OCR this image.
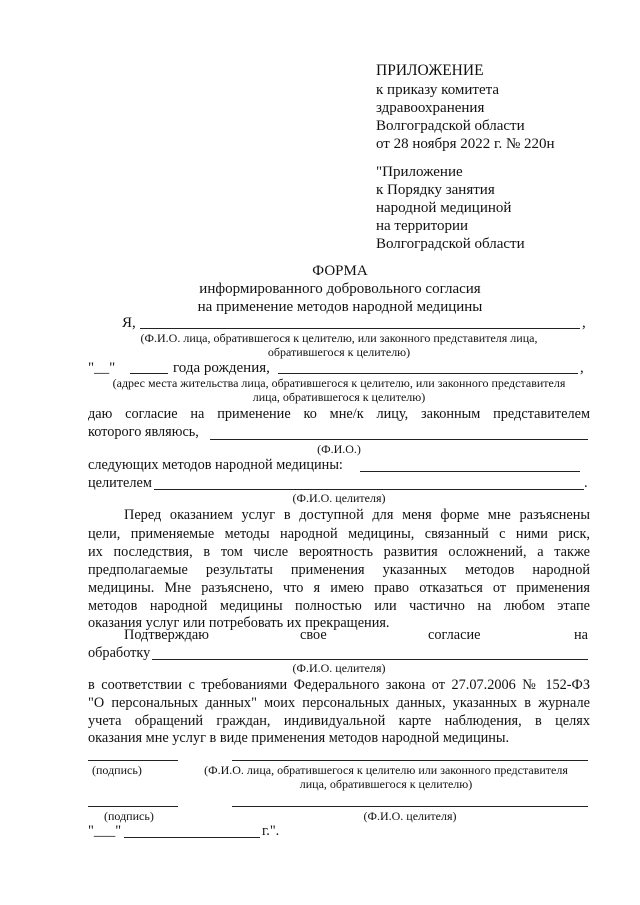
ПРИЛОЖЕНИЕ
к приказу комитета
здравоохранения
Волгоградской области
от 28 ноября 2022 г. № 220н
"Приложение
к Порядку занятия
народной медициной
на территории
Волгоградской области
ФОРМА
информированного добровольного согласия
на применение методов народной медицины
Я,	,
(Ф.И.О. лица, обратившегося к целителю, или законного представителя лица,
обратившегося к целителю)
"__"	года рождения,	,
(адрес места жительства лица, обратившегося к целителю, или законного представителя
лица, обратившегося к целителю)
даю согласие на применение ко мне/к лицу, законным представителем
которого являюсь,
(Ф.И.О.)
следующих методов народной медицины:
целителем	.
(Ф.И.О. целителя)
Перед оказанием услуг в доступной для меня форме мне разъяснены
цели, применяемые методы народной медицины, связанный с ними риск,
их последствия, в том числе вероятность развития осложнений, а также
предполагаемые результаты применения указанных методов народной
медицины. Мне разъяснено, что я имею право отказаться от применения
методов народной медицины полностью или частично на любом этапе
оказания услуг или потребовать их прекращения.
Подтверждаю	свое	согласие	на
обработку
(Ф.И.О. целителя)
в соответствии с требованиями Федерального закона от 27.07.2006 № 152-ФЗ
"О персональных данных" моих персональных данных, указанных в журнале
учета обращений граждан, индивидуальной карте наблюдения, в целях
оказания мне услуг в виде применения методов народной медицины.
(подпись)	(Ф.И.О. лица, обратившегося к целителю или законного представителя
лица, обратившегося к целителю)
(подпись)	(Ф.И.О. целителя)
"___"	г.".
